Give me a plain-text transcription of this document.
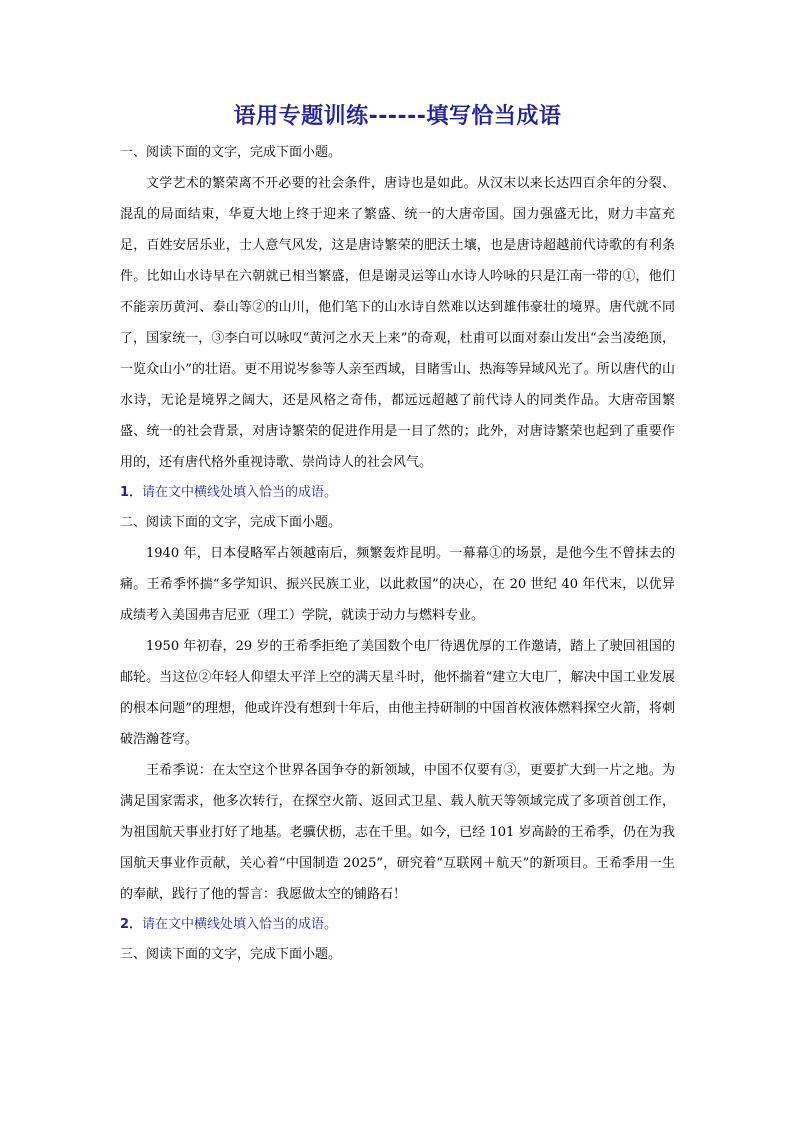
语用专题训练------填写恰当成语
一、阅读下面的文字，完成下面小题。

文学艺术的繁荣离不开必要的社会条件，唐诗也是如此。从汉末以来长达四百余年的分裂、混乱的局面结束，华夏大地上终于迎来了繁盛、统一的大唐帝国。国力强盛无比，财力丰富充足，百姓安居乐业，士人意气风发，这是唐诗繁荣的肥沃土壤，也是唐诗超越前代诗歌的有利条件。比如山水诗早在六朝就已相当繁盛，但是谢灵运等山水诗人吟咏的只是江南一带的①，他们不能亲历黄河、泰山等②的山川，他们笔下的山水诗自然难以达到雄伟豪壮的境界。唐代就不同了，国家统一，③李白可以咏叹“黄河之水天上来”的奇观，杜甫可以面对泰山发出“会当凌绝顶，一览众山小”的壮语。更不用说岑参等人亲至西域，目睹雪山、热海等异域风光了。所以唐代的山水诗，无论是境界之阔大，还是风格之奇伟，都远远超越了前代诗人的同类作品。大唐帝国繁盛、统一的社会背景，对唐诗繁荣的促进作用是一目了然的；此外，对唐诗繁荣也起到了重要作用的，还有唐代格外重视诗歌、崇尚诗人的社会风气。

1．请在文中横线处填入恰当的成语。
二、阅读下面的文字，完成下面小题。

1940 年，日本侵略军占领越南后，频繁轰炸昆明。一幕幕①的场景，是他今生不曾抹去的痛。王希季怀揣“多学知识、振兴民族工业，以此救国”的决心，在 20 世纪 40 年代末，以优异成绩考入美国弗吉尼亚（理工）学院，就读于动力与燃料专业。

1950 年初春，29 岁的王希季拒绝了美国数个电厂待遇优厚的工作邀请，踏上了驶回祖国的邮轮。当这位②年轻人仰望太平洋上空的满天星斗时，他怀揣着“建立大电厂，解决中国工业发展的根本问题”的理想，他或许没有想到十年后，由他主持研制的中国首枚液体燃料探空火箭，将刺破浩瀚苍穹。

王希季说：在太空这个世界各国争夺的新领域，中国不仅要有③，更要扩大到一片之地。为满足国家需求，他多次转行，在探空火箭、返回式卫星、载人航天等领域完成了多项首创工作，为祖国航天事业打好了地基。老骥伏枥，志在千里。如今，已经 101 岁高龄的王希季，仍在为我国航天事业作贡献，关心着“中国制造 2025”，研究着“互联网＋航天”的新项目。王希季用一生的奉献，践行了他的誓言：我愿做太空的铺路石！

2．请在文中横线处填入恰当的成语。
三、阅读下面的文字，完成下面小题。
